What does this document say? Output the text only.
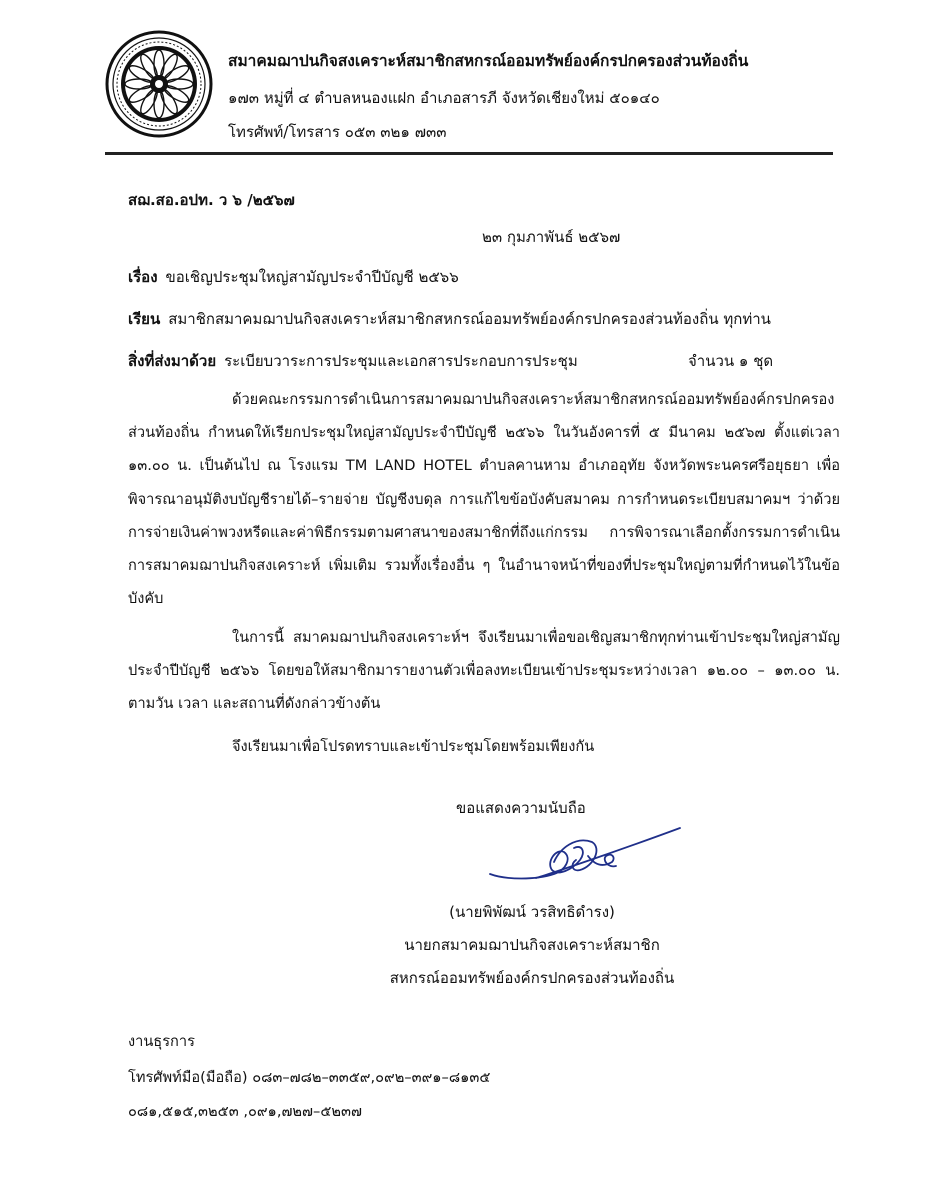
สมาคมฌาปนกิจสงเคราะห์สมาชิกสหกรณ์ออมทรัพย์องค์กรปกครองส่วนท้องถิ่น
๑๗๓ หมู่ที่ ๔ ตำบลหนองแฝก อำเภอสารภี จังหวัดเชียงใหม่ ๕๐๑๔๐
โทรศัพท์/โทรสาร ๐๕๓ ๓๒๑ ๗๓๓
สฌ.สอ.อปท. ว ๖ /๒๕๖๗
๒๓ กุมภาพันธ์ ๒๕๖๗
เรื่อง ขอเชิญประชุมใหญ่สามัญประจำปีบัญชี ๒๕๖๖
เรียน สมาชิกสมาคมฌาปนกิจสงเคราะห์สมาชิกสหกรณ์ออมทรัพย์องค์กรปกครองส่วนท้องถิ่น ทุกท่าน
สิ่งที่ส่งมาด้วย ระเบียบวาระการประชุมและเอกสารประกอบการประชุม	จำนวน ๑ ชุด

ด้วยคณะกรรมการดำเนินการสมาคมฌาปนกิจสงเคราะห์สมาชิกสหกรณ์ออมทรัพย์องค์กรปกครองส่วนท้องถิ่น กำหนดให้เรียกประชุมใหญ่สามัญประจำปีบัญชี ๒๕๖๖ ในวันอังคารที่ ๕ มีนาคม ๒๕๖๗ ตั้งแต่เวลา ๑๓.๐๐ น. เป็นต้นไป ณ โรงแรม TM LAND HOTEL ตำบลคานหาม อำเภออุทัย จังหวัดพระนครศรีอยุธยา เพื่อพิจารณาอนุมัติงบบัญชีรายได้–รายจ่าย บัญชีงบดุล การแก้ไขข้อบังคับสมาคม การกำหนดระเบียบสมาคมฯ ว่าด้วยการจ่ายเงินค่าพวงหรีดและค่าพิธีกรรมตามศาสนาของสมาชิกที่ถึงแก่กรรม การพิจารณาเลือกตั้งกรรมการดำเนินการสมาคมฌาปนกิจสงเคราะห์ เพิ่มเติม รวมทั้งเรื่องอื่น ๆ ในอำนาจหน้าที่ของที่ประชุมใหญ่ตามที่กำหนดไว้ในข้อบังคับ

ในการนี้ สมาคมฌาปนกิจสงเคราะห์ฯ จึงเรียนมาเพื่อขอเชิญสมาชิกทุกท่านเข้าประชุมใหญ่สามัญประจำปีบัญชี ๒๕๖๖ โดยขอให้สมาชิกมารายงานตัวเพื่อลงทะเบียนเข้าประชุมระหว่างเวลา ๑๒.๐๐ – ๑๓.๐๐ น. ตามวัน เวลา และสถานที่ดังกล่าวข้างต้น

จึงเรียนมาเพื่อโปรดทราบและเข้าประชุมโดยพร้อมเพียงกัน

ขอแสดงความนับถือ
(นายพิพัฒน์ วรสิทธิดำรง)
นายกสมาคมฌาปนกิจสงเคราะห์สมาชิก
สหกรณ์ออมทรัพย์องค์กรปกครองส่วนท้องถิ่น
งานธุรการ
โทรศัพท์มือ(มือถือ) ๐๘๓–๗๘๒–๓๓๕๙,๐๙๒–๓๙๑–๘๑๓๕
๐๘๑,๕๑๕,๓๒๕๓ ,๐๙๑,๗๒๗–๕๒๓๗
